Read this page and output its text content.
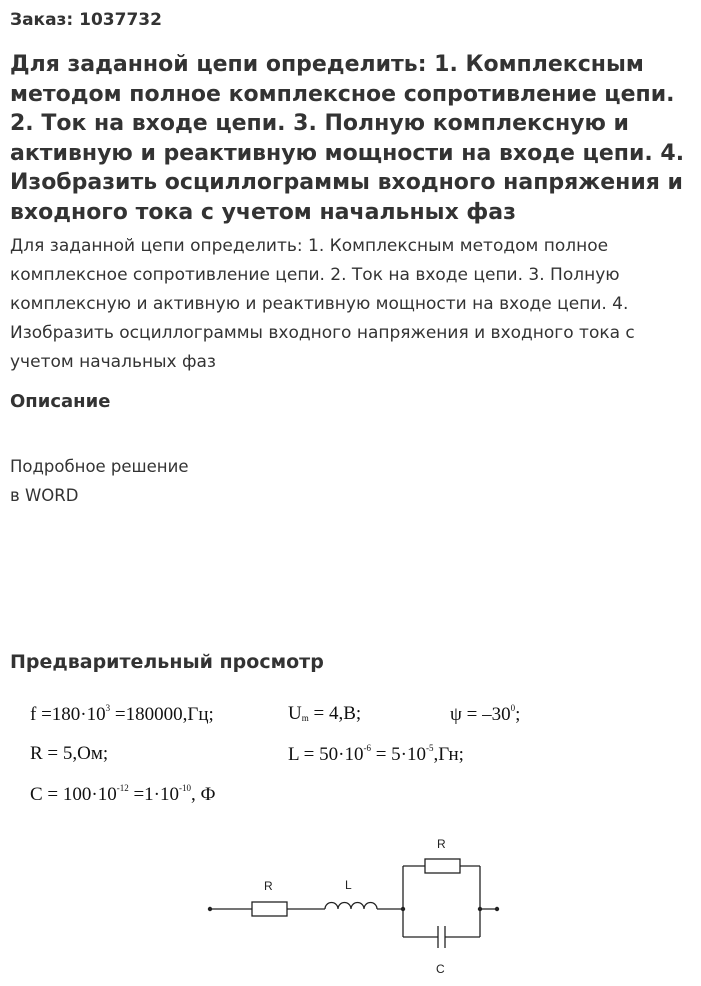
Заказ: 1037732
Для заданной цепи определить: 1. Комплексным методом полное комплексное сопротивление цепи. 2. Ток на входе цепи. 3. Полную комплексную и активную и реактивную мощности на входе цепи. 4. Изобразить осциллограммы входного напряжения и входного тока с учетом начальных фаз

Для заданной цепи определить: 1. Комплексным методом полное комплексное сопротивление цепи. 2. Ток на входе цепи. 3. Полную комплексную и активную и реактивную мощности на входе цепи. 4. Изобразить осциллограммы входного напряжения и входного тока с учетом начальных фаз

Описание
Подробное решение
в WORD
Предварительный просмотр
$f =180\cdot 10^3 =180000,Гц$;	$U_m = 4,В$;	$\psi = -30^0$;
R = 5,Ом;	$L = 50\cdot 10^{-6} = 5\cdot 10^{-5},Гн$;
$C = 100\cdot 10^{-12} =1\cdot 10^{-10}$, Ф
R	L
R
C
